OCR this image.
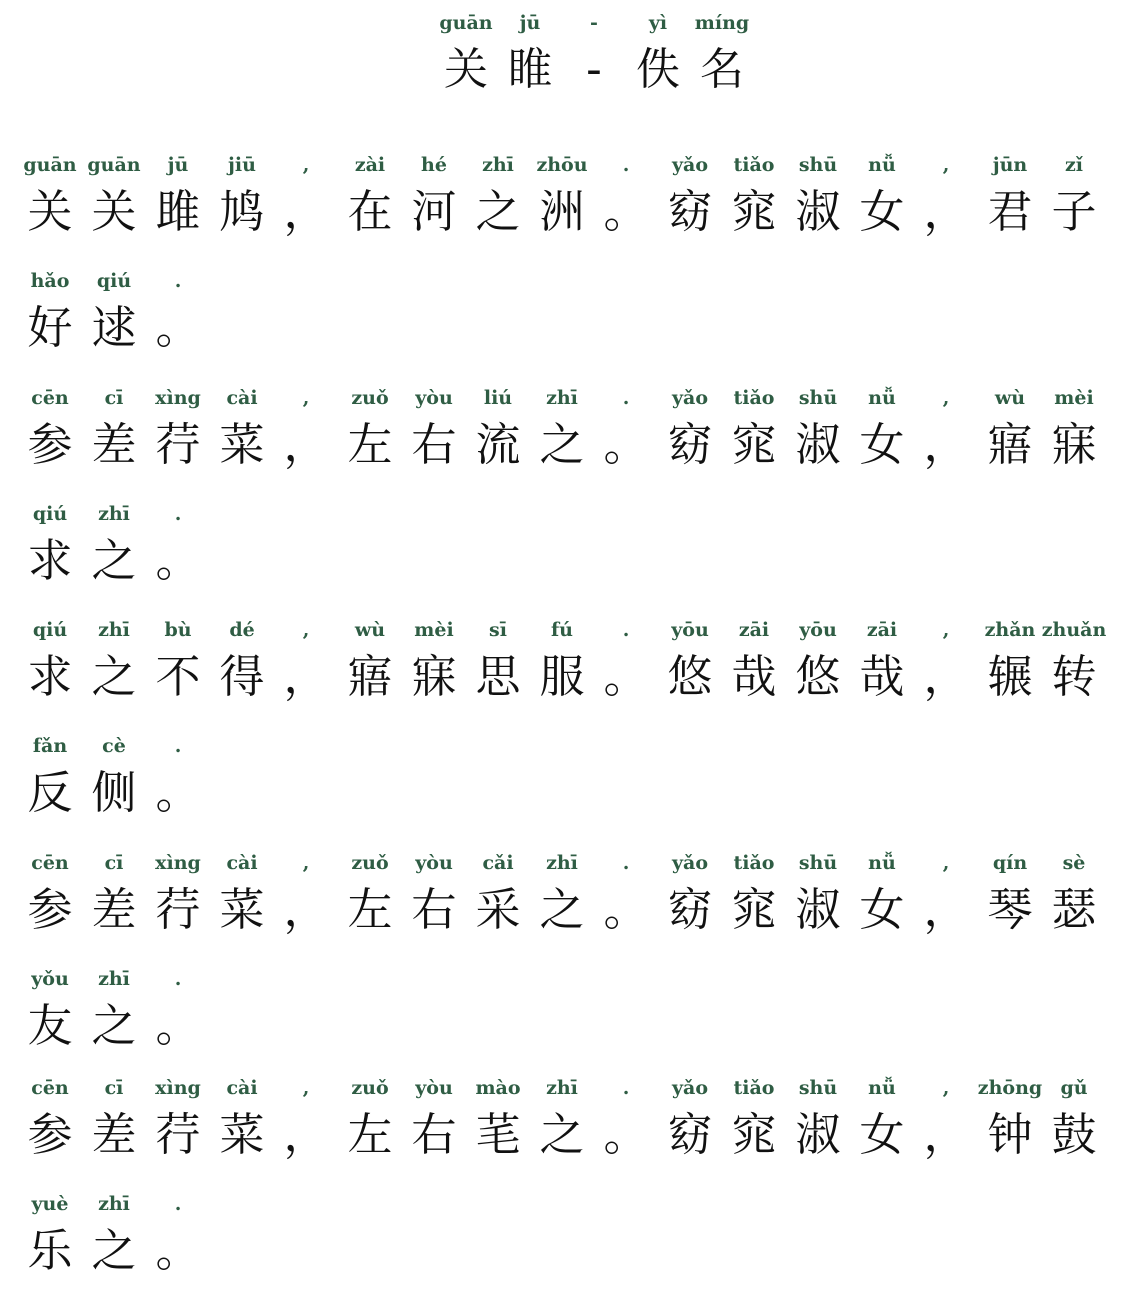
guān
关
jū
睢
-
-
yì
佚
míng
名
guān
关
guān
关
jū
雎
jiū
鸠
,
，
zài
在
hé
河
zhī
之
zhōu
洲
.
。
yǎo
窈
tiǎo
窕
shū
淑
nǚ
女
,
，
jūn
君
zǐ
子
hǎo
好
qiú
逑
.
。
cēn
参
cī
差
xìng
荇
cài
菜
,
，
zuǒ
左
yòu
右
liú
流
zhī
之
.
。
yǎo
窈
tiǎo
窕
shū
淑
nǚ
女
,
，
wù
寤
mèi
寐
qiú
求
zhī
之
.
。
qiú
求
zhī
之
bù
不
dé
得
,
，
wù
寤
mèi
寐
sī
思
fú
服
.
。
yōu
悠
zāi
哉
yōu
悠
zāi
哉
,
，
zhǎn
辗
zhuǎn
转
fǎn
反
cè
侧
.
。
cēn
参
cī
差
xìng
荇
cài
菜
,
，
zuǒ
左
yòu
右
cǎi
采
zhī
之
.
。
yǎo
窈
tiǎo
窕
shū
淑
nǚ
女
,
，
qín
琴
sè
瑟
yǒu
友
zhī
之
.
。
cēn
参
cī
差
xìng
荇
cài
菜
,
，
zuǒ
左
yòu
右
mào
芼
zhī
之
.
。
yǎo
窈
tiǎo
窕
shū
淑
nǚ
女
,
，
zhōng
钟
gǔ
鼓
yuè
乐
zhī
之
.
。
